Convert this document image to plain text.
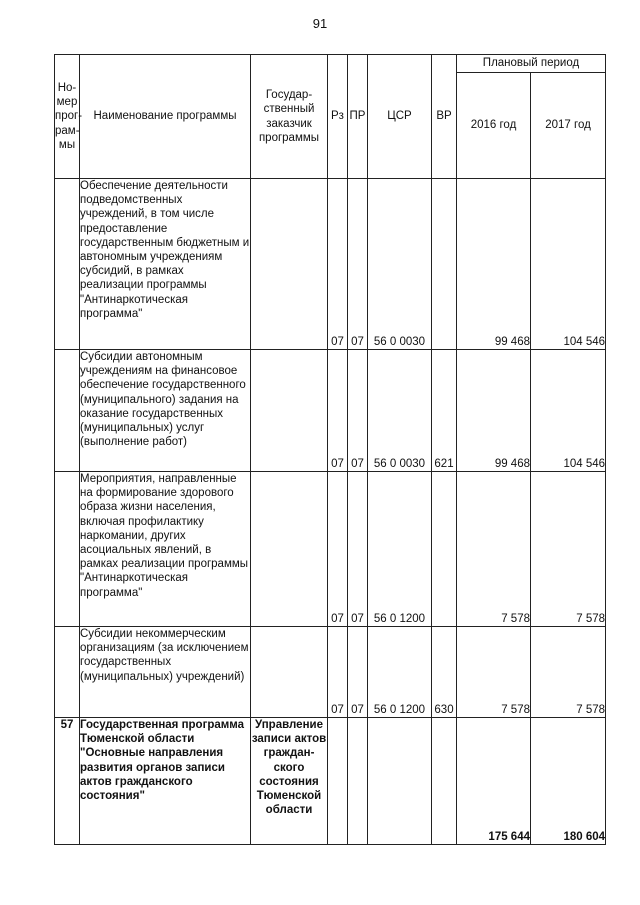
91
Но-
мер
прог-
рам-
мы	Наименование программы	Государ-
ственный
заказчик
программы	Рз	ПР	ЦСР	ВР	Плановый период	
							2016 год	2017 год
	Обеспечение деятельности подведомственных учреждений, в том числе предоставление государственным бюджетным и автономным учреждениям субсидий, в рамках реализации программы "Антинаркотическая программа"		07	07	56 0 0030		99 468	104 546
	Субсидии автономным учреждениям на финансовое обеспечение государственного (муниципального) задания на оказание государственных (муниципальных) услуг (выполнение работ)		07	07	56 0 0030	621	99 468	104 546
	Мероприятия, направленные на формирование здорового образа жизни населения, включая профилактику наркомании, других асоциальных явлений, в рамках реализации программы "Антинаркотическая программа"		07	07	56 0 1200		7 578	7 578
	Субсидии некоммерческим организациям (за исключением государственных (муниципальных) учреждений)		07	07	56 0 1200	630	7 578	7 578
57	Государственная программа Тюменской области "Основные направления развития органов записи актов гражданского состояния"	Управление записи актов граждан-ского состояния Тюменской области					175 644	180 604
